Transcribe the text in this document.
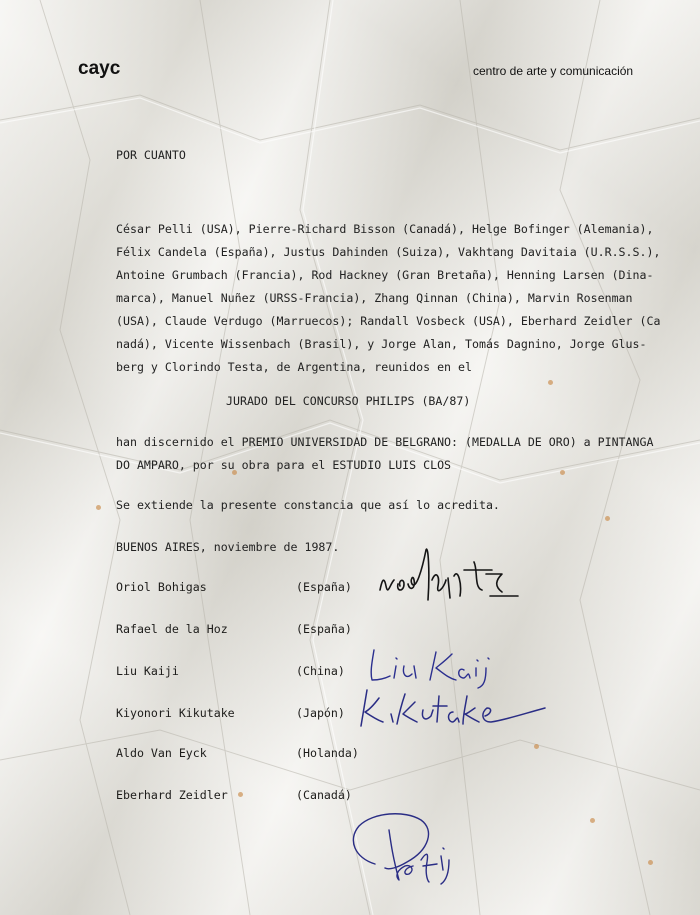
cayc	centro de arte y comunicación
POR CUANTO
César Pelli (USA), Pierre-Richard Bisson (Canadá), Helge Bofinger (Alemania),
Félix Candela (España), Justus Dahinden (Suiza), Vakhtang Davitaia (U.R.S.S.),
Antoine Grumbach (Francia), Rod Hackney (Gran Bretaña), Henning Larsen (Dina-
marca), Manuel Nuñez (URSS-Francia), Zhang Qinnan (China), Marvin Rosenman
(USA), Claude Verdugo (Marruecos); Randall Vosbeck (USA), Eberhard Zeidler (Ca
nadá), Vicente Wissenbach (Brasil), y Jorge Alan, Tomás Dagnino, Jorge Glus-
berg y Clorindo Testa, de Argentina, reunidos en el
JURADO DEL CONCURSO PHILIPS (BA/87)
han discernido el PREMIO UNIVERSIDAD DE BELGRANO: (MEDALLA DE ORO) a PINTANGA
DO AMPARO, por su obra para el ESTUDIO LUIS CLOS
Se extiende la presente constancia que así lo acredita.
BUENOS AIRES, noviembre de 1987.
Oriol Bohigas	(España)
Rafael de la Hoz	(España)
Liu Kaiji	(China)
Kiyonori Kikutake	(Japón)
Aldo Van Eyck	(Holanda)
Eberhard Zeidler	(Canadá)
